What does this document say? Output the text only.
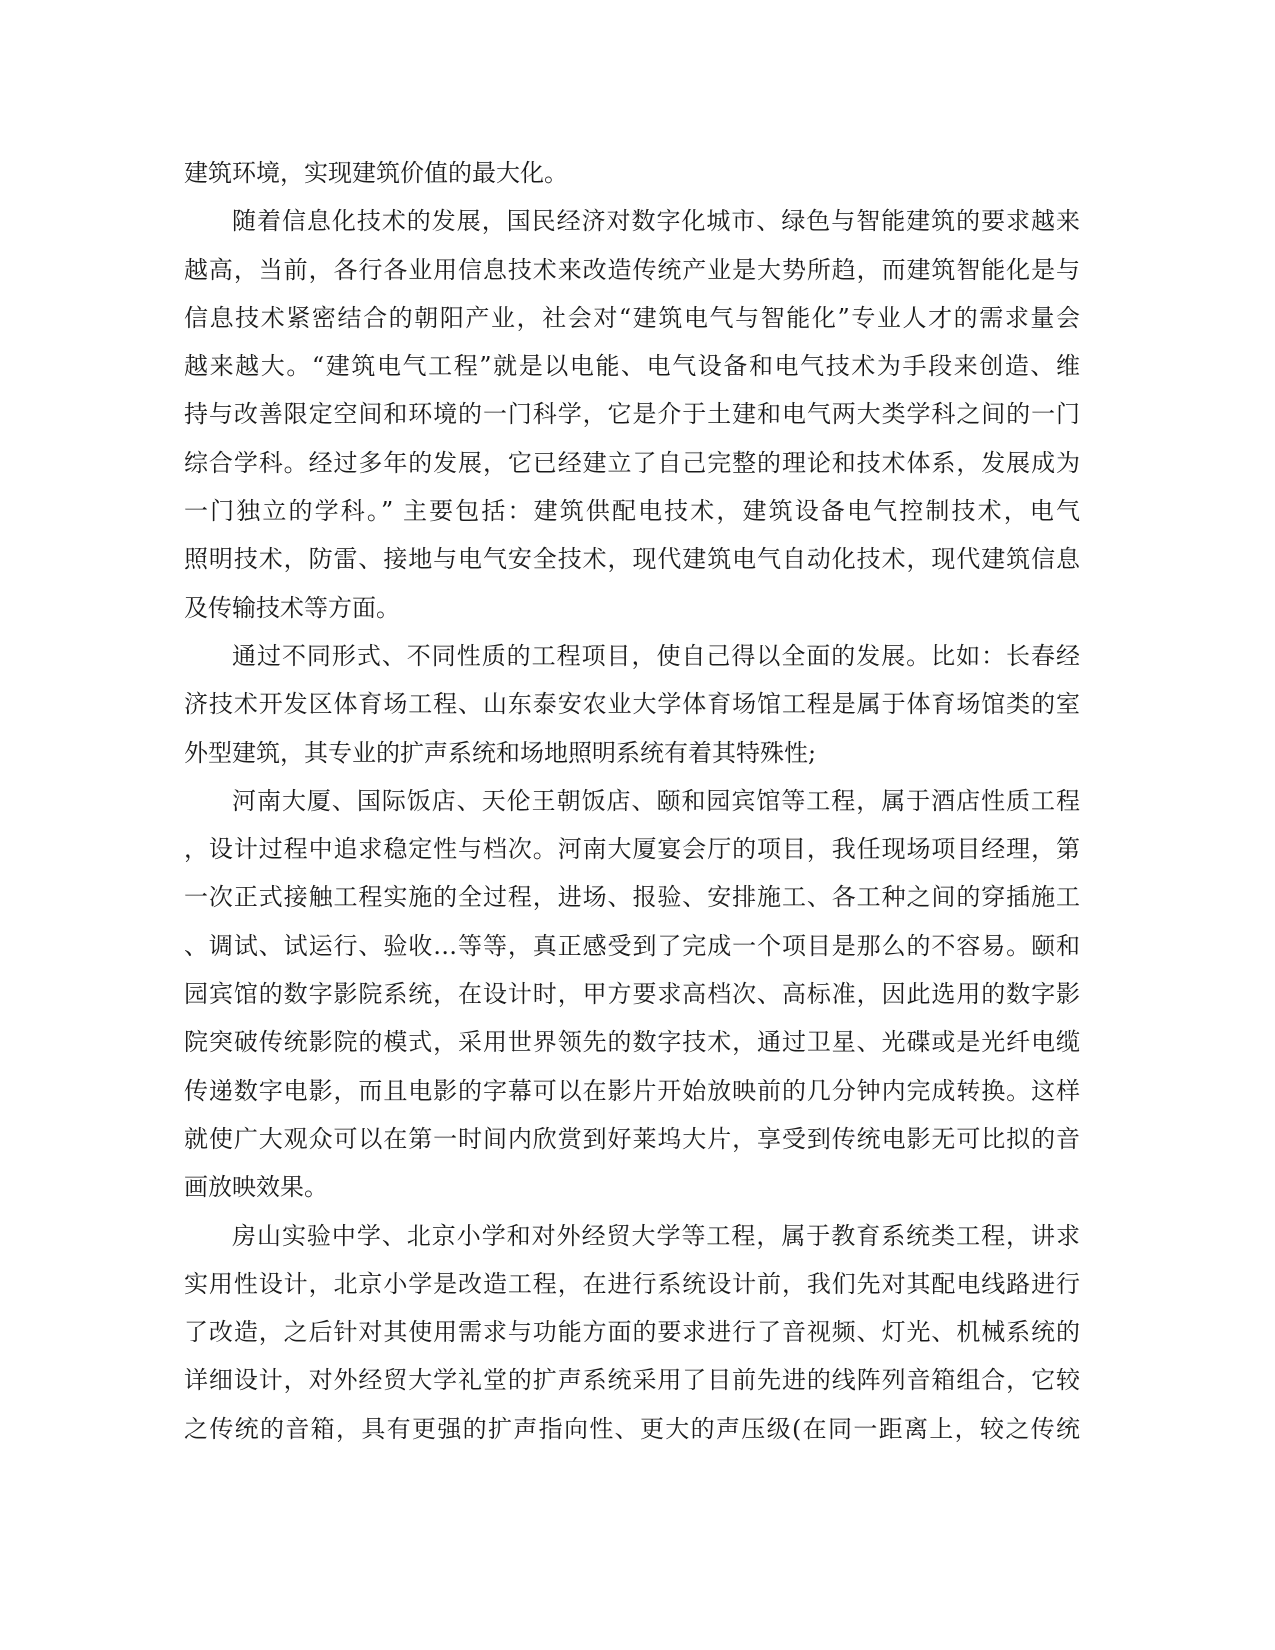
建筑环境，实现建筑价值的最大化。
随着信息化技术的发展，国民经济对数字化城市、绿色与智能建筑的要求越来
越高，当前，各行各业用信息技术来改造传统产业是大势所趋，而建筑智能化是与
信息技术紧密结合的朝阳产业，社会对“建筑电气与智能化”专业人才的需求量会
越来越大。“建筑电气工程”就是以电能、电气设备和电气技术为手段来创造、维
持与改善限定空间和环境的一门科学，它是介于土建和电气两大类学科之间的一门
综合学科。经过多年的发展，它已经建立了自己完整的理论和技术体系，发展成为
一门独立的学科。” 主要包括：建筑供配电技术，建筑设备电气控制技术，电气
照明技术，防雷、接地与电气安全技术，现代建筑电气自动化技术，现代建筑信息
及传输技术等方面。
通过不同形式、不同性质的工程项目，使自己得以全面的发展。比如：长春经
济技术开发区体育场工程、山东泰安农业大学体育场馆工程是属于体育场馆类的室
外型建筑，其专业的扩声系统和场地照明系统有着其特殊性;
河南大厦、国际饭店、天伦王朝饭店、颐和园宾馆等工程，属于酒店性质工程
，设计过程中追求稳定性与档次。河南大厦宴会厅的项目，我任现场项目经理，第
一次正式接触工程实施的全过程，进场、报验、安排施工、各工种之间的穿插施工
、调试、试运行、验收…等等，真正感受到了完成一个项目是那么的不容易。颐和
园宾馆的数字影院系统，在设计时，甲方要求高档次、高标准，因此选用的数字影
院突破传统影院的模式，采用世界领先的数字技术，通过卫星、光碟或是光纤电缆
传递数字电影，而且电影的字幕可以在影片开始放映前的几分钟内完成转换。这样
就使广大观众可以在第一时间内欣赏到好莱坞大片，享受到传统电影无可比拟的音
画放映效果。
房山实验中学、北京小学和对外经贸大学等工程，属于教育系统类工程，讲求
实用性设计，北京小学是改造工程，在进行系统设计前，我们先对其配电线路进行
了改造，之后针对其使用需求与功能方面的要求进行了音视频、灯光、机械系统的
详细设计，对外经贸大学礼堂的扩声系统采用了目前先进的线阵列音箱组合，它较
之传统的音箱，具有更强的扩声指向性、更大的声压级(在同一距离上，较之传统
